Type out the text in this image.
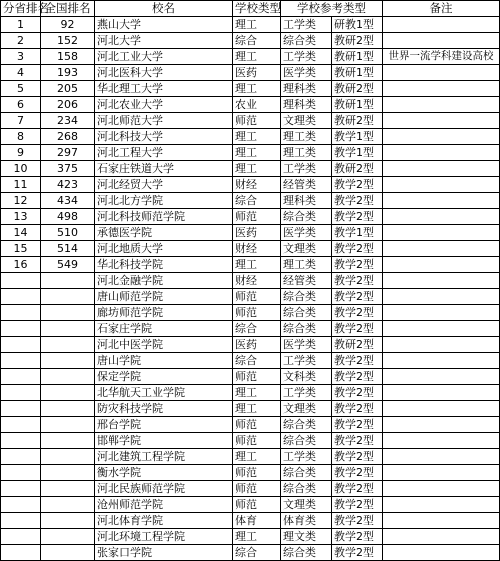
分省排名	全国排名	校名	学校类型	学校参考类型		备注
1	92	燕山大学	理工	工学类	研教1型	
2	152	河北大学	综合	综合类	教研2型	
3	158	河北工业大学	理工	工学类	教研1型	世界一流学科建设高校
4	193	河北医科大学	医药	医学类	教研1型	
5	205	华北理工大学	理工	理科类	教研2型	
6	206	河北农业大学	农业	理科类	教研1型	
7	234	河北师范大学	师范	文理类	教研2型	
8	268	河北科技大学	理工	理工类	教学1型	
9	297	河北工程大学	理工	理工类	教学1型	
10	375	石家庄铁道大学	理工	工学类	教研2型	
11	423	河北经贸大学	财经	经管类	教学2型	
12	434	河北北方学院	综合	理科类	教学2型	
13	498	河北科技师范学院	师范	综合类	教学2型	
14	510	承德医学院	医药	医学类	教学1型	
15	514	河北地质大学	财经	文理类	教学2型	
16	549	华北科技学院	理工	理工类	教学2型	
		河北金融学院	财经	经管类	教学2型	
		唐山师范学院	师范	综合类	教学2型	
		廊坊师范学院	师范	综合类	教学2型	
		石家庄学院	综合	综合类	教学2型	
		河北中医学院	医药	医学类	教研2型	
		唐山学院	综合	工学类	教学2型	
		保定学院	师范	文科类	教学2型	
		北华航天工业学院	理工	工学类	教学2型	
		防灾科技学院	理工	文理类	教学2型	
		邢台学院	师范	综合类	教学2型	
		邯郸学院	师范	综合类	教学2型	
		河北建筑工程学院	理工	工学类	教学2型	
		衡水学院	师范	综合类	教学2型	
		河北民族师范学院	师范	综合类	教学2型	
		沧州师范学院	师范	文理类	教学2型	
		河北体育学院	体育	体育类	教学2型	
		河北环境工程学院	理工	理文类	教学2型	
		张家口学院	综合	综合类	教学2型	
